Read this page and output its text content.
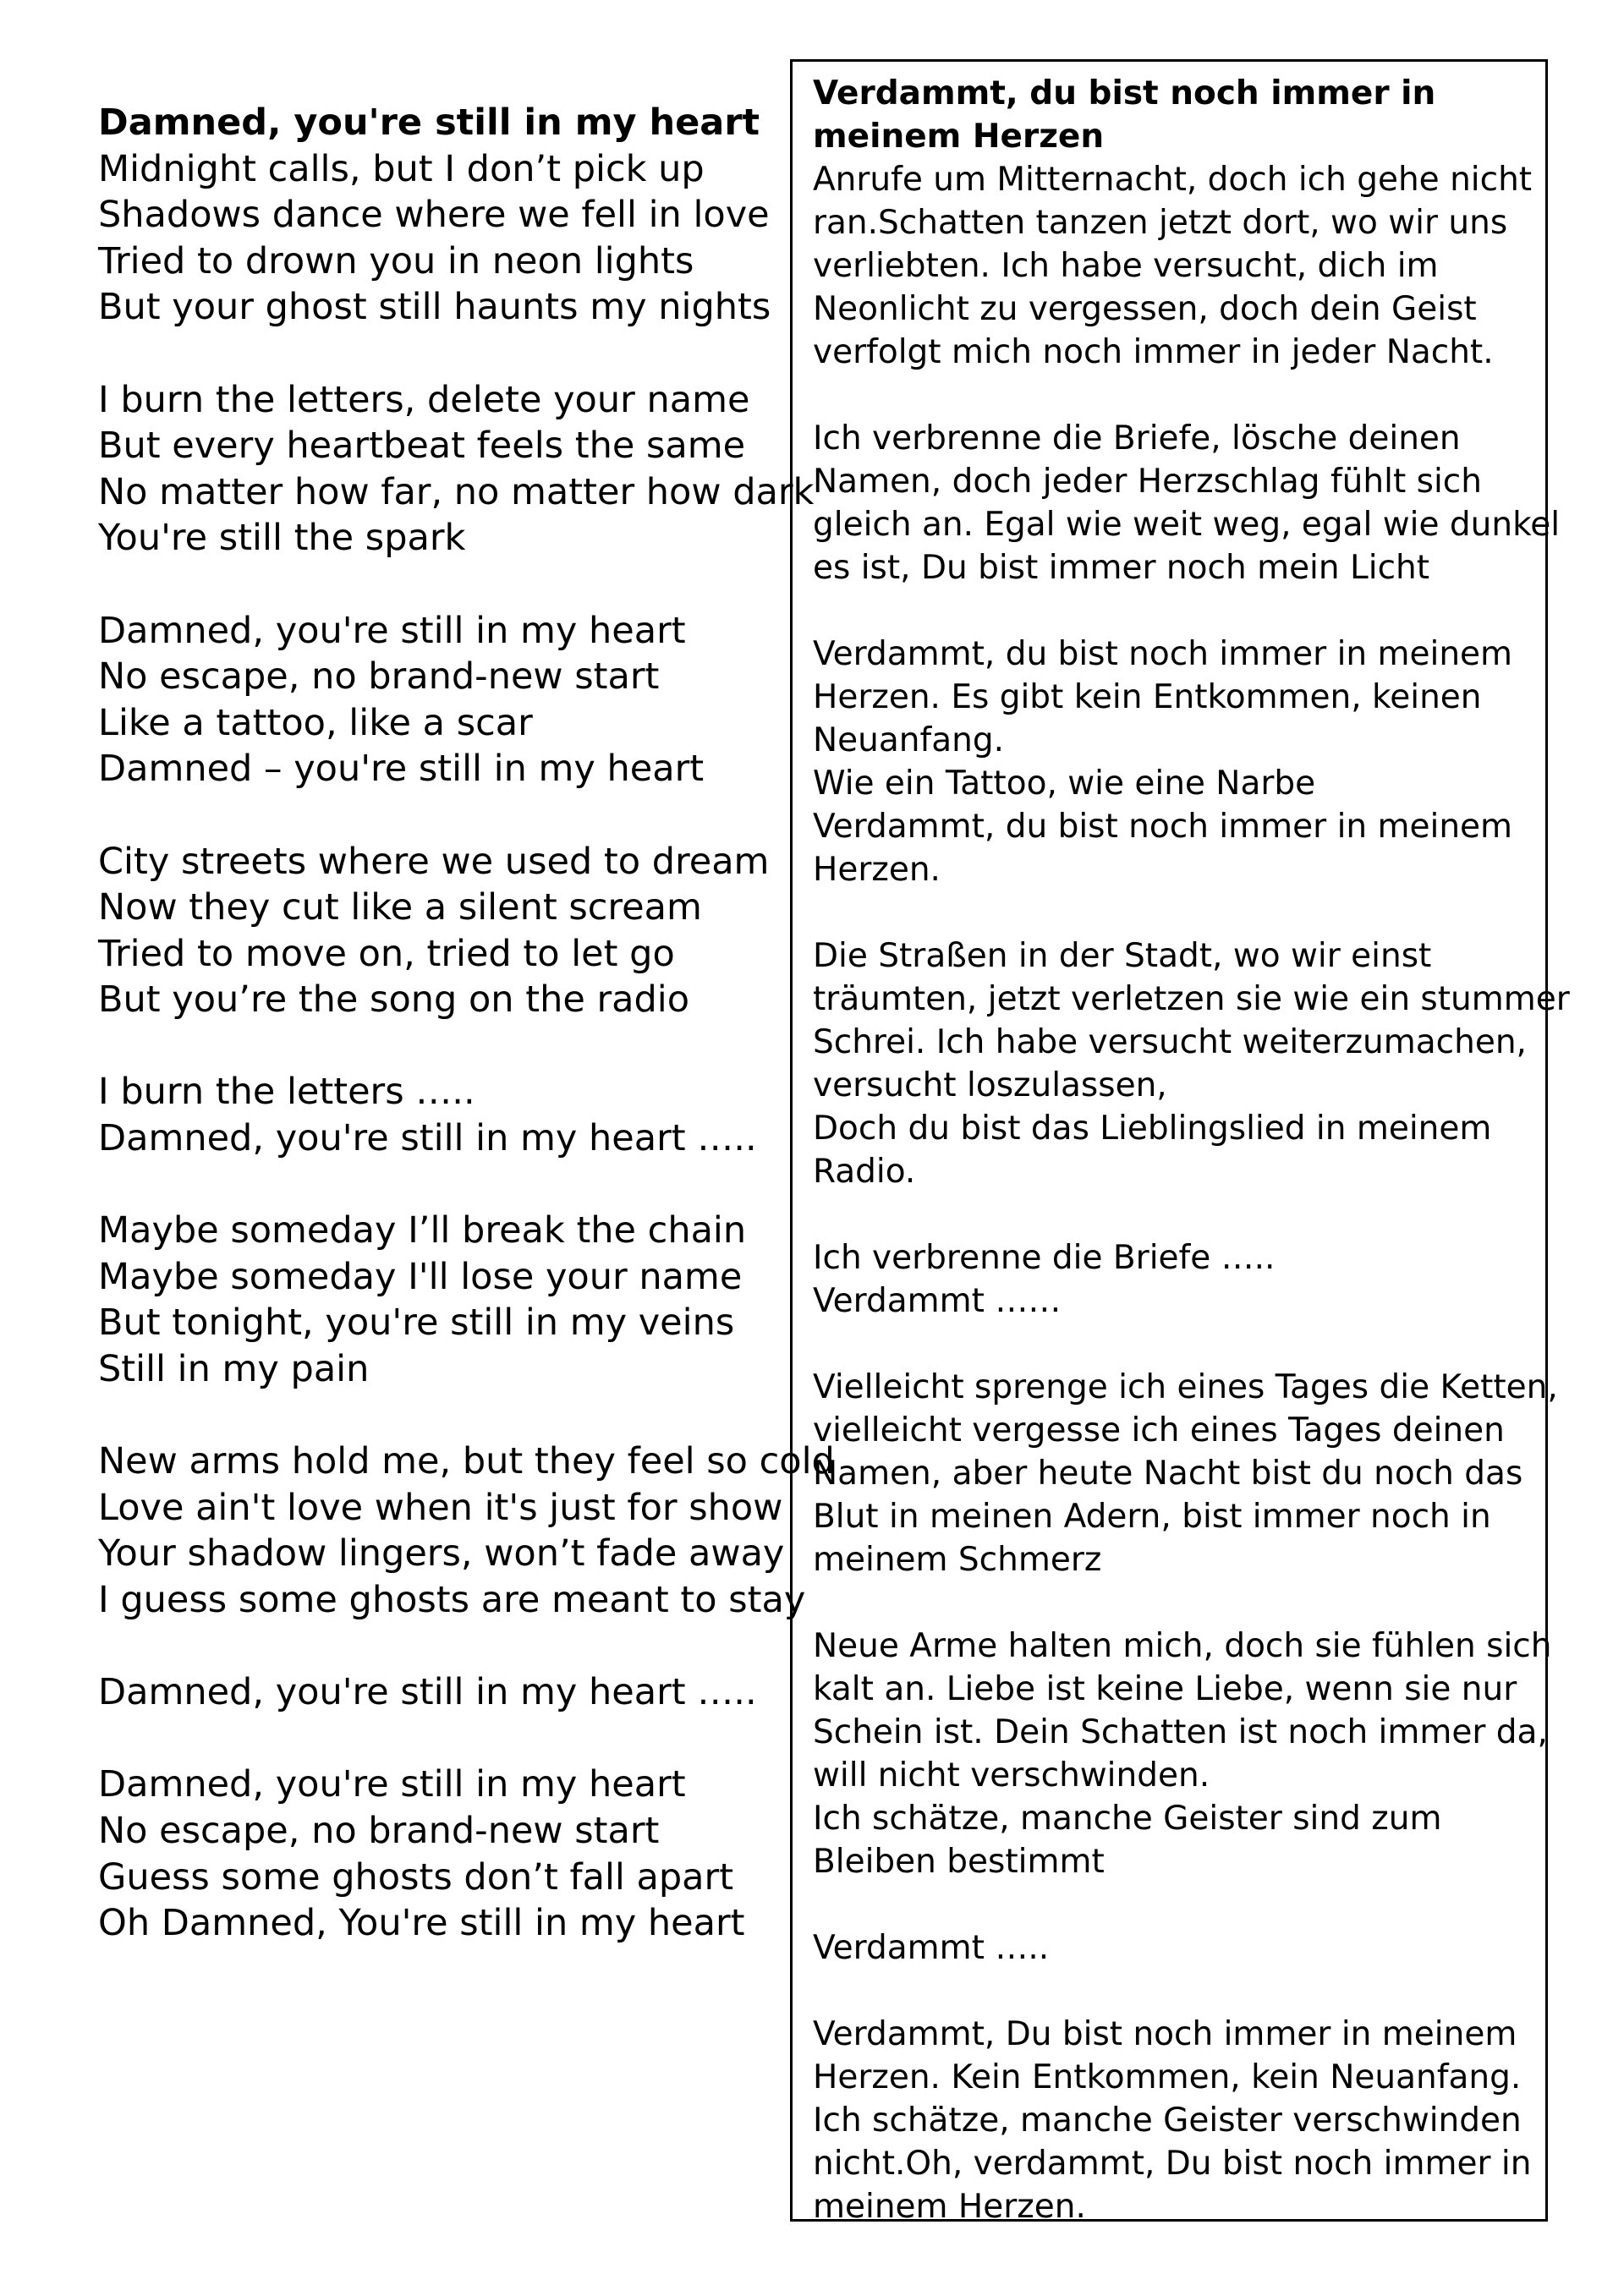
Damned, you're still in my heart
Midnight calls, but I don’t pick up
Shadows dance where we fell in love
Tried to drown you in neon lights
But your ghost still haunts my nights
I burn the letters, delete your name
But every heartbeat feels the same
No matter how far, no matter how dark
You're still the spark
Damned, you're still in my heart
No escape, no brand-new start
Like a tattoo, like a scar
Damned – you're still in my heart
City streets where we used to dream
Now they cut like a silent scream
Tried to move on, tried to let go
But you’re the song on the radio
I burn the letters …..
Damned, you're still in my heart …..
Maybe someday I’ll break the chain
Maybe someday I'll lose your name
But tonight, you're still in my veins
Still in my pain
New arms hold me, but they feel so cold
Love ain't love when it's just for show
Your shadow lingers, won’t fade away
I guess some ghosts are meant to stay
Damned, you're still in my heart …..
Damned, you're still in my heart
No escape, no brand-new start
Guess some ghosts don’t fall apart
Oh Damned, You're still in my heart
Verdammt, du bist noch immer in
meinem Herzen
Anrufe um Mitternacht, doch ich gehe nicht
ran.Schatten tanzen jetzt dort, wo wir uns
verliebten. Ich habe versucht, dich im
Neonlicht zu vergessen, doch dein Geist
verfolgt mich noch immer in jeder Nacht.
Ich verbrenne die Briefe, lösche deinen
Namen, doch jeder Herzschlag fühlt sich
gleich an. Egal wie weit weg, egal wie dunkel
es ist, Du bist immer noch mein Licht
Verdammt, du bist noch immer in meinem
Herzen. Es gibt kein Entkommen, keinen
Neuanfang.
Wie ein Tattoo, wie eine Narbe
Verdammt, du bist noch immer in meinem
Herzen.
Die Straßen in der Stadt, wo wir einst
träumten, jetzt verletzen sie wie ein stummer
Schrei. Ich habe versucht weiterzumachen,
versucht loszulassen,
Doch du bist das Lieblingslied in meinem
Radio.
Ich verbrenne die Briefe …..
Verdammt ……
Vielleicht sprenge ich eines Tages die Ketten,
vielleicht vergesse ich eines Tages deinen
Namen, aber heute Nacht bist du noch das
Blut in meinen Adern, bist immer noch in
meinem Schmerz
Neue Arme halten mich, doch sie fühlen sich
kalt an. Liebe ist keine Liebe, wenn sie nur
Schein ist. Dein Schatten ist noch immer da,
will nicht verschwinden.
Ich schätze, manche Geister sind zum
Bleiben bestimmt
Verdammt …..
Verdammt, Du bist noch immer in meinem
Herzen. Kein Entkommen, kein Neuanfang.
Ich schätze, manche Geister verschwinden
nicht.Oh, verdammt, Du bist noch immer in
meinem Herzen.
